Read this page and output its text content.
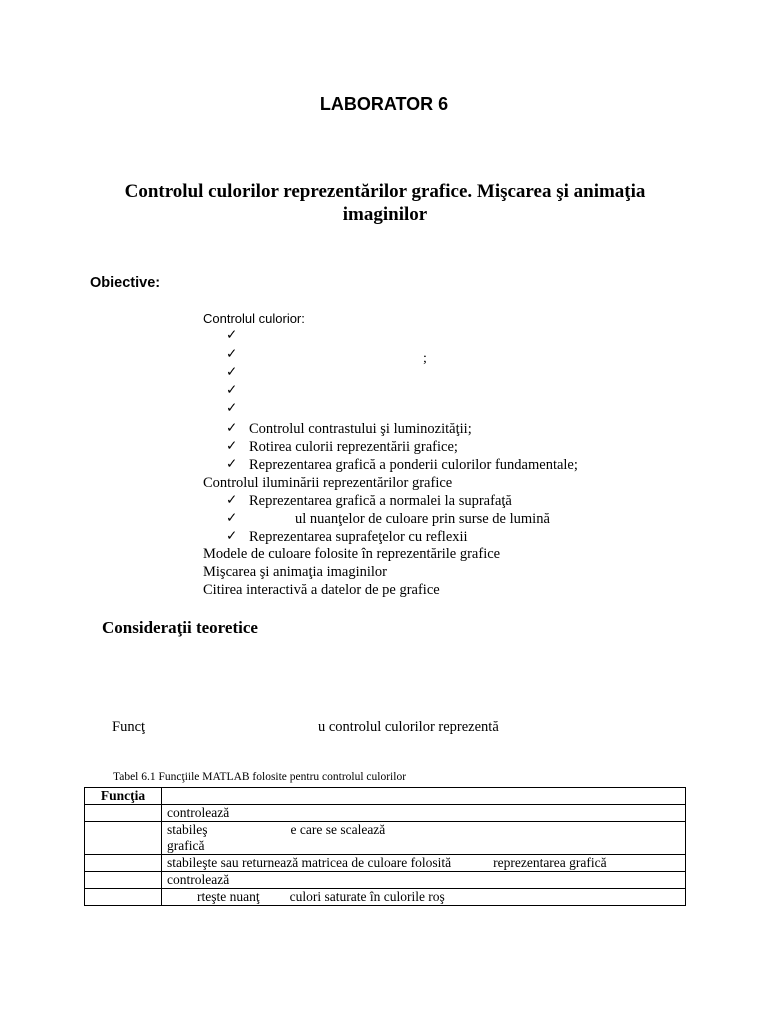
LABORATOR 6
Controlul culorilor reprezentărilor grafice. Mişcarea şi animaţia imaginilor
Obiective:
Controlul culorior:
✓
✓	;
✓
✓
✓
✓ Controlul contrastului şi luminozităţii;
✓ Rotirea culorii reprezentării grafice;
✓ Reprezentarea grafică a ponderii culorilor fundamentale;
Controlul iluminării reprezentărilor grafice
✓ Reprezentarea grafică a normalei la suprafaţă
✓	ul nuanţelor de culoare prin surse de lumină
✓ Reprezentarea suprafeţelor cu reflexii
Modele de culoare folosite în reprezentările grafice
Mişcarea şi animaţia imaginilor
Citirea interactivă a datelor de pe grafice
Consideraţii teoretice
Funcţ	u controlul culorilor reprezentă
Tabel 6.1 Funcţiile MATLAB folosite pentru controlul culorilor
Funcţia	
	controlează
	stabileş e care se scalează
grafică
	stabileşte sau returnează matricea de culoare folosită reprezentarea grafică
	controlează
	rteşte nuanţ culori saturate în culorile roş
